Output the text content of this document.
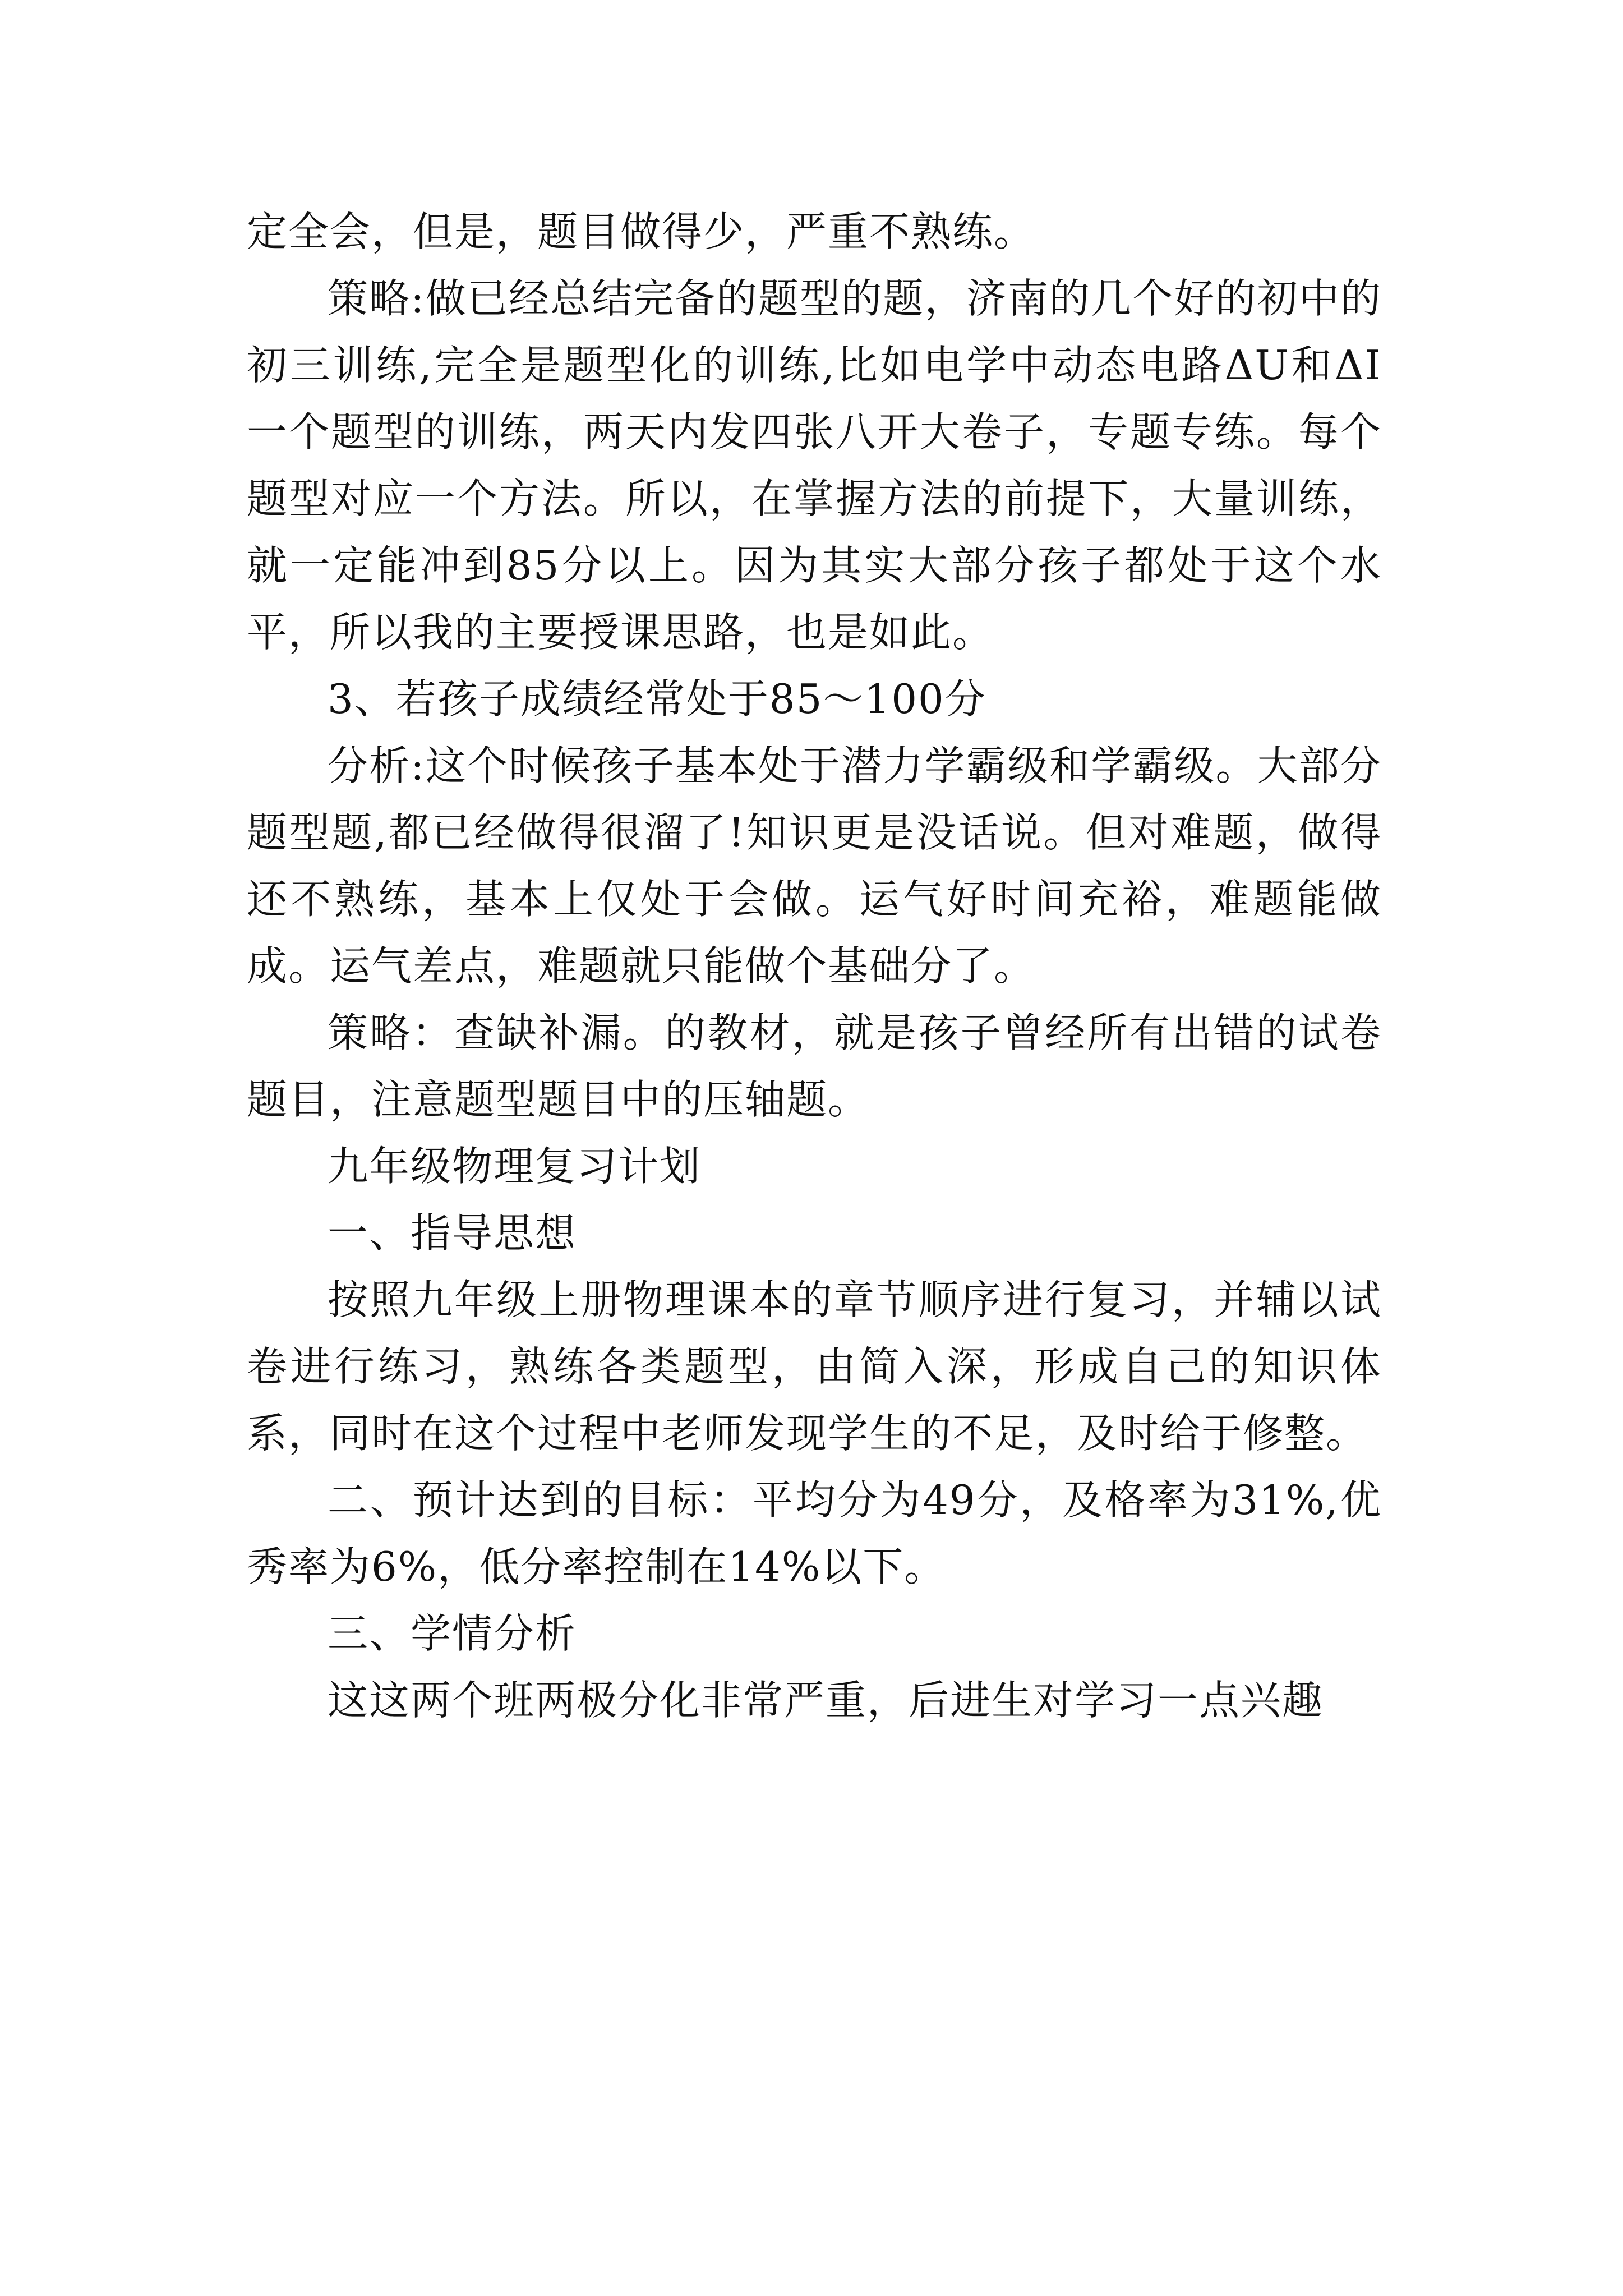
定全会，但是，题目做得少，严重不熟练。

策略:做已经总结完备的题型的题，济南的几个好的初中的初三训练,完全是题型化的训练,比如电学中动态电路ΔU和ΔI一个题型的训练，两天内发四张八开大卷子，专题专练。每个题型对应一个方法。所以，在掌握方法的前提下，大量训练，就一定能冲到85分以上。因为其实大部分孩子都处于这个水平，所以我的主要授课思路，也是如此。

3、若孩子成绩经常处于85～100分

分析:这个时候孩子基本处于潜力学霸级和学霸级。大部分题型题,都已经做得很溜了!知识更是没话说。但对难题，做得还不熟练，基本上仅处于会做。运气好时间充裕，难题能做成。运气差点，难题就只能做个基础分了。

策略：查缺补漏。的教材，就是孩子曾经所有出错的试卷题目，注意题型题目中的压轴题。

九年级物理复习计划

一、指导思想

按照九年级上册物理课本的章节顺序进行复习，并辅以试卷进行练习，熟练各类题型，由简入深，形成自己的知识体系，同时在这个过程中老师发现学生的不足，及时给于修整。

二、预计达到的目标：平均分为49分，及格率为31%,优秀率为6%，低分率控制在14%以下。

三、学情分析

这这两个班两极分化非常严重，后进生对学习一点兴趣
